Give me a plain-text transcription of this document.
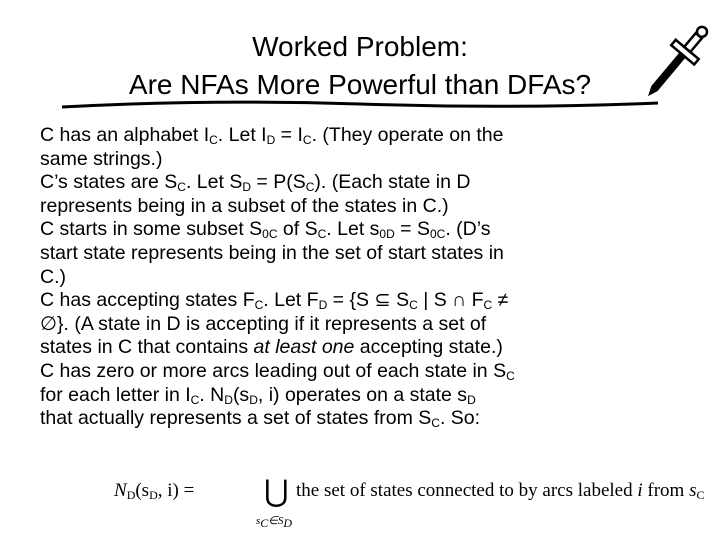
Worked Problem:
Are NFAs More Powerful than DFAs?
C has an alphabet $I_C$. Let $I_D = I_C$. (They operate on the
same strings.)
C’s states are $S_C$. Let $S_D = P(S_C)$. (Each state in D
represents being in a subset of the states in C.)
C starts in some subset $S_{0C}$ of $S_C$. Let $s_{0D} = S_{0C}$. (D’s
start state represents being in the set of start states in
C.)
C has accepting states $F_C$. Let $F_D = \{S$ ⊆ $S_C$ | S ∩ $F_C$ ≠
∅}. (A state in D is accepting if it represents a set of
states in C that contains at least one accepting state.)
C has zero or more arcs leading out of each state in $S_C$
for each letter in $I_C$. $N_D(s_D$, i) operates on a state $s_D$
that actually represents a set of states from $S_C$. So:
$N_D(s_D$, i) = ⋃
$s_C\in S_D$
the set of states connected to by arcs labeled i from $s_C$
